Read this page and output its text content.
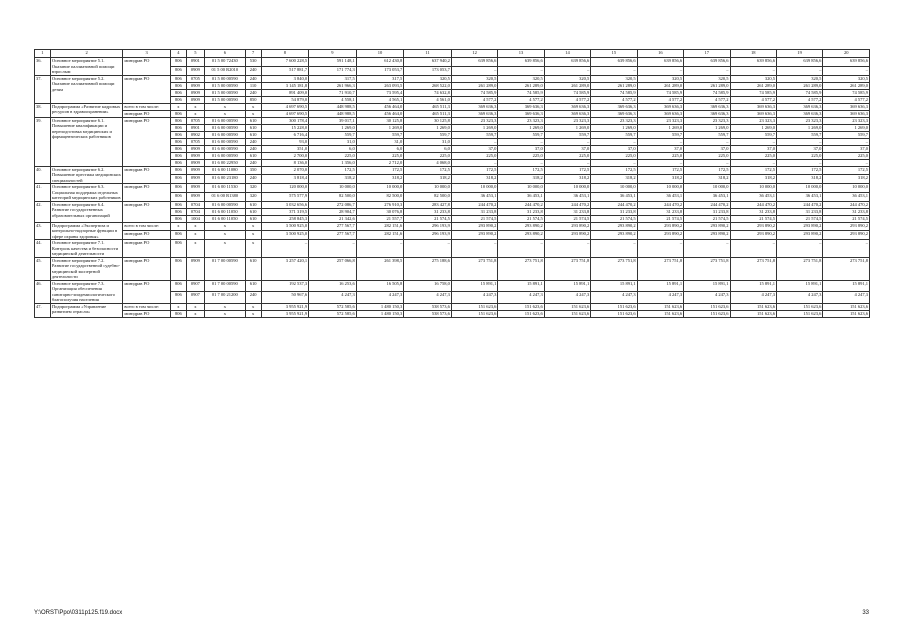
1	2	3	4	5	6	7	8	9	10	11	12	13	14	15	16	17	18	19	20
36.	Основное мероприятие 5.1. Оказание паллиативной помощи взрослым	минздрав РО	806	0901	01 5 00 72430	530	7 600 228,5	591 148,1	612 430,8	637 940,2	639 856,6	639 856,6	639 856,6	639 856,6	639 856,6	639 856,6	639 856,6	639 856,6	639 856,6
			806	0909	01 5 00 R2010	240	517 881,7	171 774,3	173 053,7	173 053,7	–	–	–	–	–	–	–	–	–
37.	Основное мероприятие 5.2. Оказание паллиативной помощи детям	минздрав РО	806	0705	01 5 00 00590	240	3 840,0	317,5	317,5	320,5	320,5	320,5	320,5	320,5	320,5	320,5	320,5	320,5	320,5
			806	0909	01 5 00 00590	110	3 145 181,8	261 966,3	263 093,5	268 522,0	261 289,0	261 289,0	261 289,0	261 289,0	261 289,0	261 289,0	261 289,0	261 289,0	261 289,0
			806	0909	01 5 00 00590	240	891 409,0	71 910,7	73 595,4	74 632,8	74 585,9	74 585,9	74 585,9	74 585,9	74 585,9	74 585,9	74 585,9	74 585,9	74 585,9
			806	0909	01 5 00 00590	850	54 879,0	4 558,1	4 565,1	4 561,0	4 577,2	4 577,2	4 577,2	4 577,2	4 577,2	4 577,2	4 577,2	4 577,2	4 577,2
38.	Подпрограмма «Развитие кадровых ресурсов в здравоохранении»	всего в том числе:	х	х	х	х	4 697 690,5	448 988,5	456 464,0	465 511,3	369 636,3	369 636,3	369 636,3	369 636,3	369 636,3	369 636,3	369 636,3	369 636,3	369 636,3
		минздрав РО	806	х	х	х	4 697 690,5	448 988,5	456 464,0	465 511,3	369 636,3	369 636,3	369 636,3	369 636,3	369 636,3	369 636,3	369 636,3	369 636,3	369 636,3
39.	Основное мероприятие 6.1. Повышение квалификации и переподготовка медицинских и фармацевтических работников	минздрав РО	806	0705	01 6 00 00590	610	300 178,4	39 017,1	30 125,8	30 125,8	23 323,3	23 323,3	23 323,3	23 323,3	23 323,3	23 323,3	23 323,3	23 323,3	23 323,3
			806	0901	01 6 00 00590	610	15 228,0	1 269,0	1 269,0	1 269,0	1 269,0	1 269,0	1 269,0	1 269,0	1 269,0	1 269,0	1 269,0	1 269,0	1 269,0
			806	0902	01 6 00 00590	610	6 716,4	559,7	559,7	559,7	559,7	559,7	559,7	559,7	559,7	559,7	559,7	559,7	559,7
			806	0705	01 6 00 00590	240	93,0	31,0	31,0	31,0	–	–	–	–	–	–	–	–	–
			806	0909	01 6 00 00590	240	351,0	6,0	6,0	6,0	37,0	37,0	37,0	37,0	37,0	37,0	37,0	37,0	37,0
			806	0909	01 6 00 00590	610	2 700,0	225,0	225,0	225,0	225,0	225,0	225,0	225,0	225,0	225,0	225,0	225,0	225,0
			806	0909	01 6 00 22950	240	8 136,0	1 356,0	2 712,0	4 068,0	–	–	–	–	–	–	–	–	–
40.	Основное мероприятие 6.2. Повышение престижа медицинских специальностей	минздрав РО	806	0909	01 6 00 11080	350	2 070,0	172,5	172,5	172,5	172,5	172,5	172,5	172,5	172,5	172,5	172,5	172,5	172,5
			806	0909	01 6 00 23180	240	3 818,4	318,2	318,2	318,2	318,2	318,2	318,2	318,2	318,2	318,2	318,2	318,2	318,2
41.	Основное мероприятие 6.3. Социальная поддержка отдельных категорий медицинских работников	минздрав РО	806	0909	01 6 00 11530	320	120 000,0	10 000,0	10 000,0	10 000,0	10 000,0	10 000,0	10 000,0	10 000,0	10 000,0	10 000,0	10 000,0	10 000,0	10 000,0
			806	0909	01 6 00 R1380	320	575 577,9	82 500,0	82 500,0	82 500,0	36 453,1	36 453,1	36 453,1	36 453,1	36 453,1	36 453,1	36 453,1	36 453,1	36 453,1
42.	Основное мероприятие 6.4. Развитие государственных образовательных организаций	минздрав РО	806	0704	01 6 00 00590	610	3 032 656,6	272 086,7	276 910,3	283 427,8	244 470,2	244 470,2	244 470,2	244 470,2	244 470,2	244 470,2	244 470,2	244 470,2	244 470,2
			806	0704	01 6 00 11050	610	371 319,5	28 904,7	30 076,8	31 233,8	31 233,8	31 233,8	31 233,8	31 233,8	31 233,8	31 233,8	31 233,8	31 233,8	31 233,8
			806	1004	01 6 00 11050	610	258 845,3	21 342,6	21 557,7	21 574,5	21 574,5	21 574,5	21 574,5	21 574,5	21 574,5	21 574,5	21 574,5	21 574,5	21 574,5
43.	Подпрограмма «Экспертиза и контрольно-надзорные функции в сфере охраны здоровья»	всего в том числе:	х	х	х	х	3 500 925,0	277 567,7	282 151,6	296 193,9	293 890,2	293 890,2	293 890,2	293 890,2	293 890,2	293 890,2	293 890,2	293 890,2	293 890,2
		минздрав РО	806	х	х	х	3 500 925,0	277 567,7	282 151,6	296 193,9	293 890,2	293 890,2	293 890,2	293 890,2	293 890,2	293 890,2	293 890,2	293 890,2	293 890,2
44.	Основное мероприятие 7.1. Контроль качества и безопасности медицинской деятельности	минздрав РО	806	х	х	х	–	–	–	–	–	–	–	–	–	–	–	–	–
45.	Основное мероприятие 7.2. Развитие государственной судебно-медицинской экспертной деятельности	минздрав РО	806	0909	01 7 00 00590	610	3 257 420,1	257 066,8	261 398,5	275 188,6	273 751,8	273 751,8	273 751,8	273 751,8	273 751,8	273 751,8	273 751,8	273 751,8	273 751,8
46.	Основное мероприятие 7.3. Организация обеспечения санитарно-эпидемиологического благополучия населения	минздрав РО	806	0907	01 7 00 00590	610	192 537,3	16 253,6	16 505,8	16 758,0	15 891,1	15 891,1	15 891,1	15 891,1	15 891,1	15 891,1	15 891,1	15 891,1	15 891,1
			806	0907	01 7 00 21200	240	50 967,6	4 247,3	4 247,3	4 247,3	4 247,3	4 247,3	4 247,3	4 247,3	4 247,3	4 247,3	4 247,3	4 247,3	4 247,3
47.	Подпрограмма «Управление развитием отрасли»	всего в том числе:	х	х	х	х	3 955 921,9	572 585,6	1 480 150,3	538 573,6	151 623,6	151 623,6	151 623,6	151 623,6	151 623,6	151 623,6	151 623,6	151 623,6	151 623,6
		минздрав РО	806	х	х	х	3 955 921,9	572 585,6	1 480 150,3	538 573,6	151 623,6	151 623,6	151 623,6	151 623,6	151 623,6	151 623,6	151 623,6	151 623,6	151 623,6
Y:\ORST\Ppo\0311p125.f19.docx	33
